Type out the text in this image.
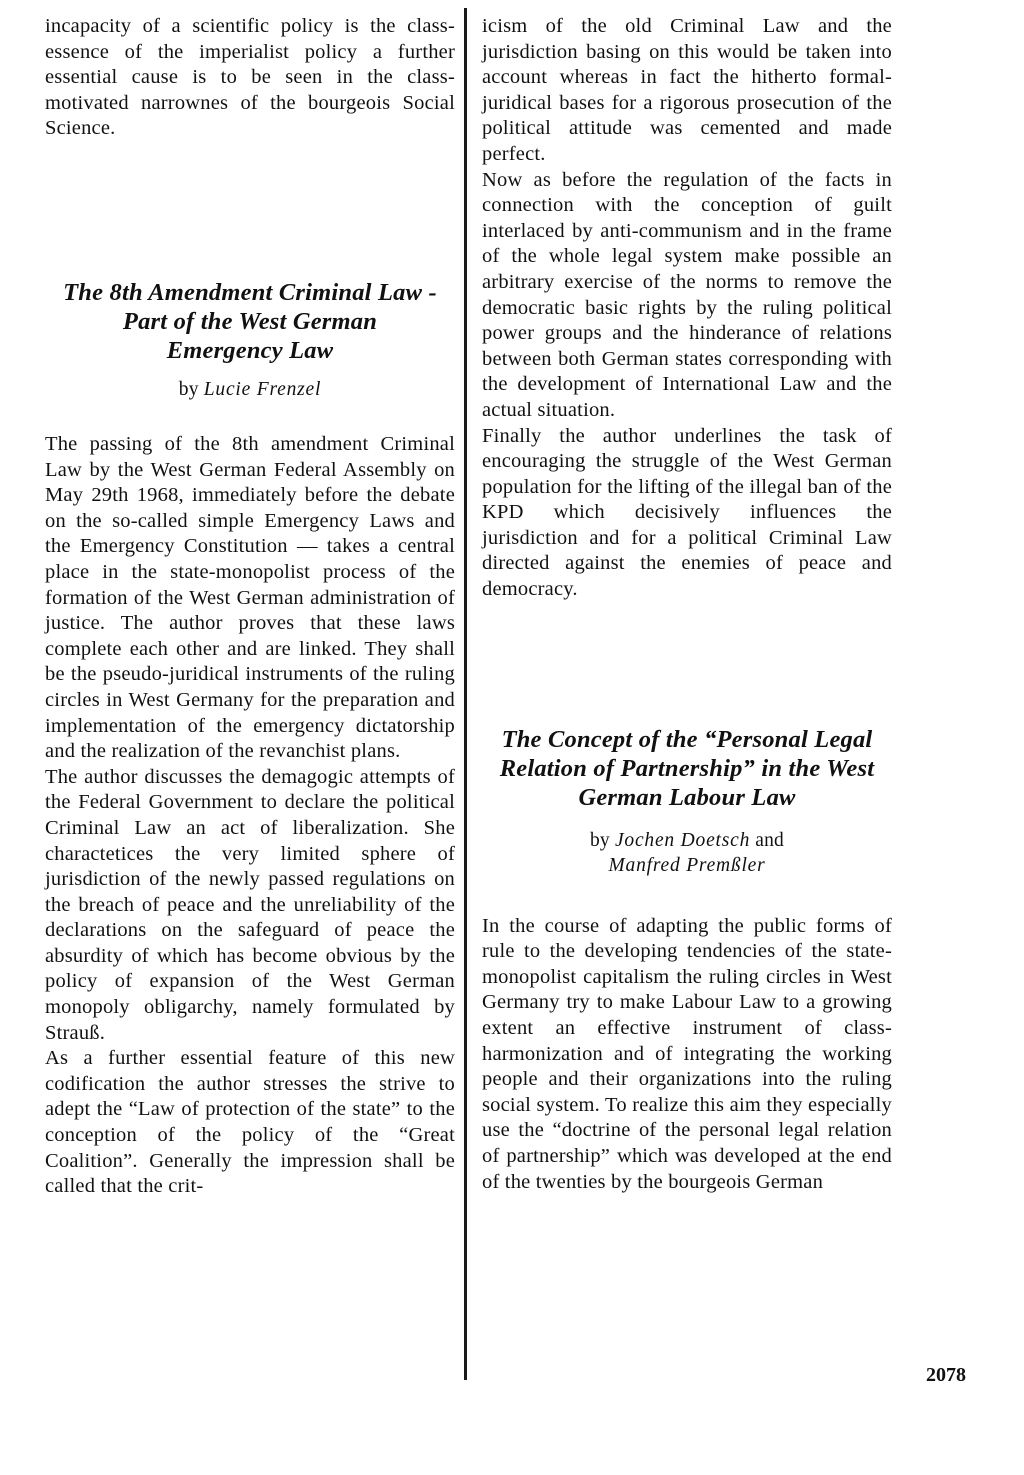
incapacity of a scientific policy is the class-essence of the imperialist policy a further essential cause is to be seen in the class-motivated narrownes of the bourgeois Social Science.

The 8th Amendment Criminal Law - Part of the West German Emergency Law

by Lucie Frenzel

The passing of the 8th amendment Criminal Law by the West German Federal Assembly on May 29th 1968, immediately before the debate on the so-called simple Emergency Laws and the Emergency Constitution — takes a central place in the state-monopolist process of the formation of the West German administration of justice. The author proves that these laws complete each other and are linked. They shall be the pseudo-juridical instruments of the ruling circles in West Germany for the preparation and implementation of the emergency dictatorship and the realization of the revanchist plans.

The author discusses the demagogic attempts of the Federal Government to declare the political Criminal Law an act of liberalization. She charactetices the very limited sphere of jurisdiction of the newly passed regulations on the breach of peace and the unreliability of the declarations on the safeguard of peace the absurdity of which has become obvious by the policy of expansion of the West German monopoly obligarchy, namely formulated by Strauß.

As a further essential feature of this new codification the author stresses the strive to adept the “Law of protection of the state” to the conception of the policy of the “Great Coalition”. Generally the impression shall be called that the crit-

icism of the old Criminal Law and the jurisdiction basing on this would be taken into account whereas in fact the hitherto formal-juridical bases for a rigorous prosecution of the political attitude was cemented and made perfect.

Now as before the regulation of the facts in connection with the conception of guilt interlaced by anti-communism and in the frame of the whole legal system make possible an arbitrary exercise of the norms to remove the democratic basic rights by the ruling political power groups and the hinderance of relations between both German states corresponding with the development of International Law and the actual situation.

Finally the author underlines the task of encouraging the struggle of the West German population for the lifting of the illegal ban of the KPD which decisively influences the jurisdiction and for a political Criminal Law directed against the enemies of peace and democracy.

The Concept of the “Personal Legal Relation of Partnership” in the West German Labour Law

by Jochen Doetsch and
Manfred Premßler

In the course of adapting the public forms of rule to the developing tendencies of the state-monopolist capitalism the ruling circles in West Germany try to make Labour Law to a growing extent an effective instrument of class-harmonization and of integrating the working people and their organizations into the ruling social system. To realize this aim they especially use the “doctrine of the personal legal relation of partnership” which was developed at the end of the twenties by the bourgeois German

2078
